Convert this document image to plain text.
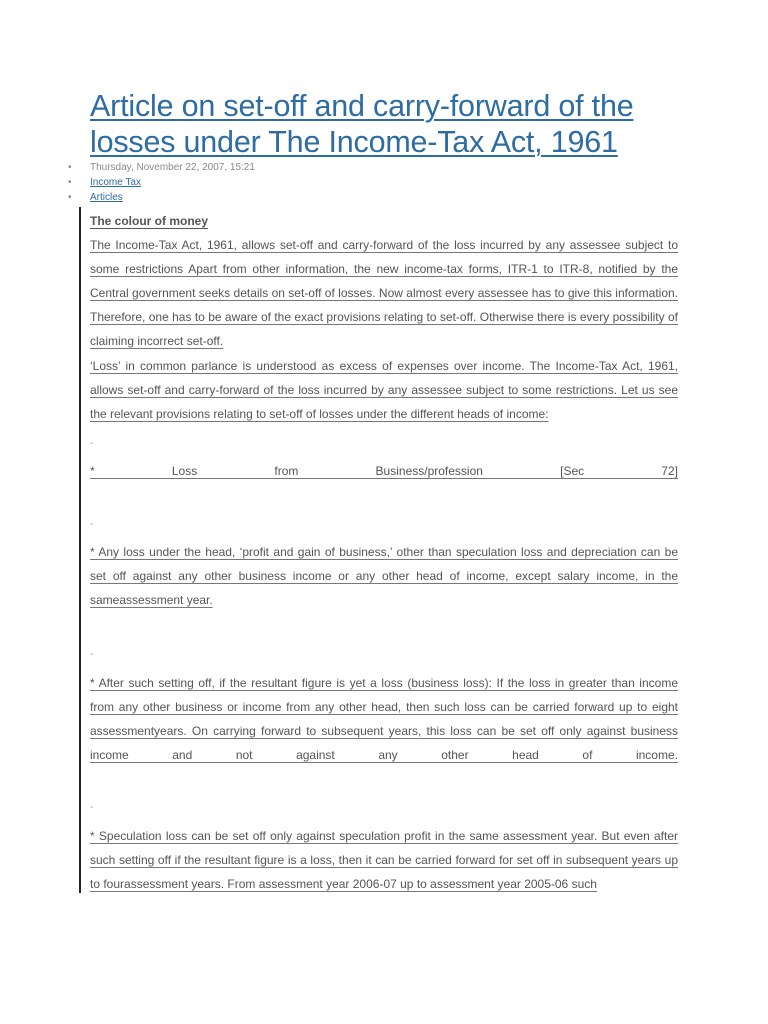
Article on set-off and carry-forward of the
losses under The Income-Tax Act, 1961
• Thursday, November 22, 2007, 15:21
• Income Tax
• Articles

The colour of money

The Income-Tax Act, 1961, allows set-off and carry-forward of the loss incurred by any assessee subject to some restrictions Apart from other information, the new income-tax forms, ITR-1 to ITR-8, notified by the Central government seeks details on set-off of losses. Now almost every assessee has to give this information. Therefore, one has to be aware of the exact provisions relating to set-off. Otherwise there is every possibility of claiming incorrect set-off.

‘Loss’ in common parlance is understood as excess of expenses over income. The Income-Tax Act, 1961, allows set-off and carry-forward of the loss incurred by any assessee subject to some restrictions. Let us see the relevant provisions relating to set-off of losses under the different heads of income:

-

* Loss from Business/profession [Sec 72]

-

* Any loss under the head, ‘profit and gain of business,’ other than speculation loss and depreciation can be set off against any other business income or any other head of income, except salary income, in the sameassessment year.

-

* After such setting off, if the resultant figure is yet a loss (business loss): If the loss in greater than income from any other business or income from any other head, then such loss can be carried forward up to eight assessmentyears. On carrying forward to subsequent years, this loss can be set off only against business income and not against any other head of income.

-

* Speculation loss can be set off only against speculation profit in the same assessment year. But even after such setting off if the resultant figure is a loss, then it can be carried forward for set off in subsequent years up to fourassessment years. From assessment year 2006-07 up to assessment year 2005-06 such
